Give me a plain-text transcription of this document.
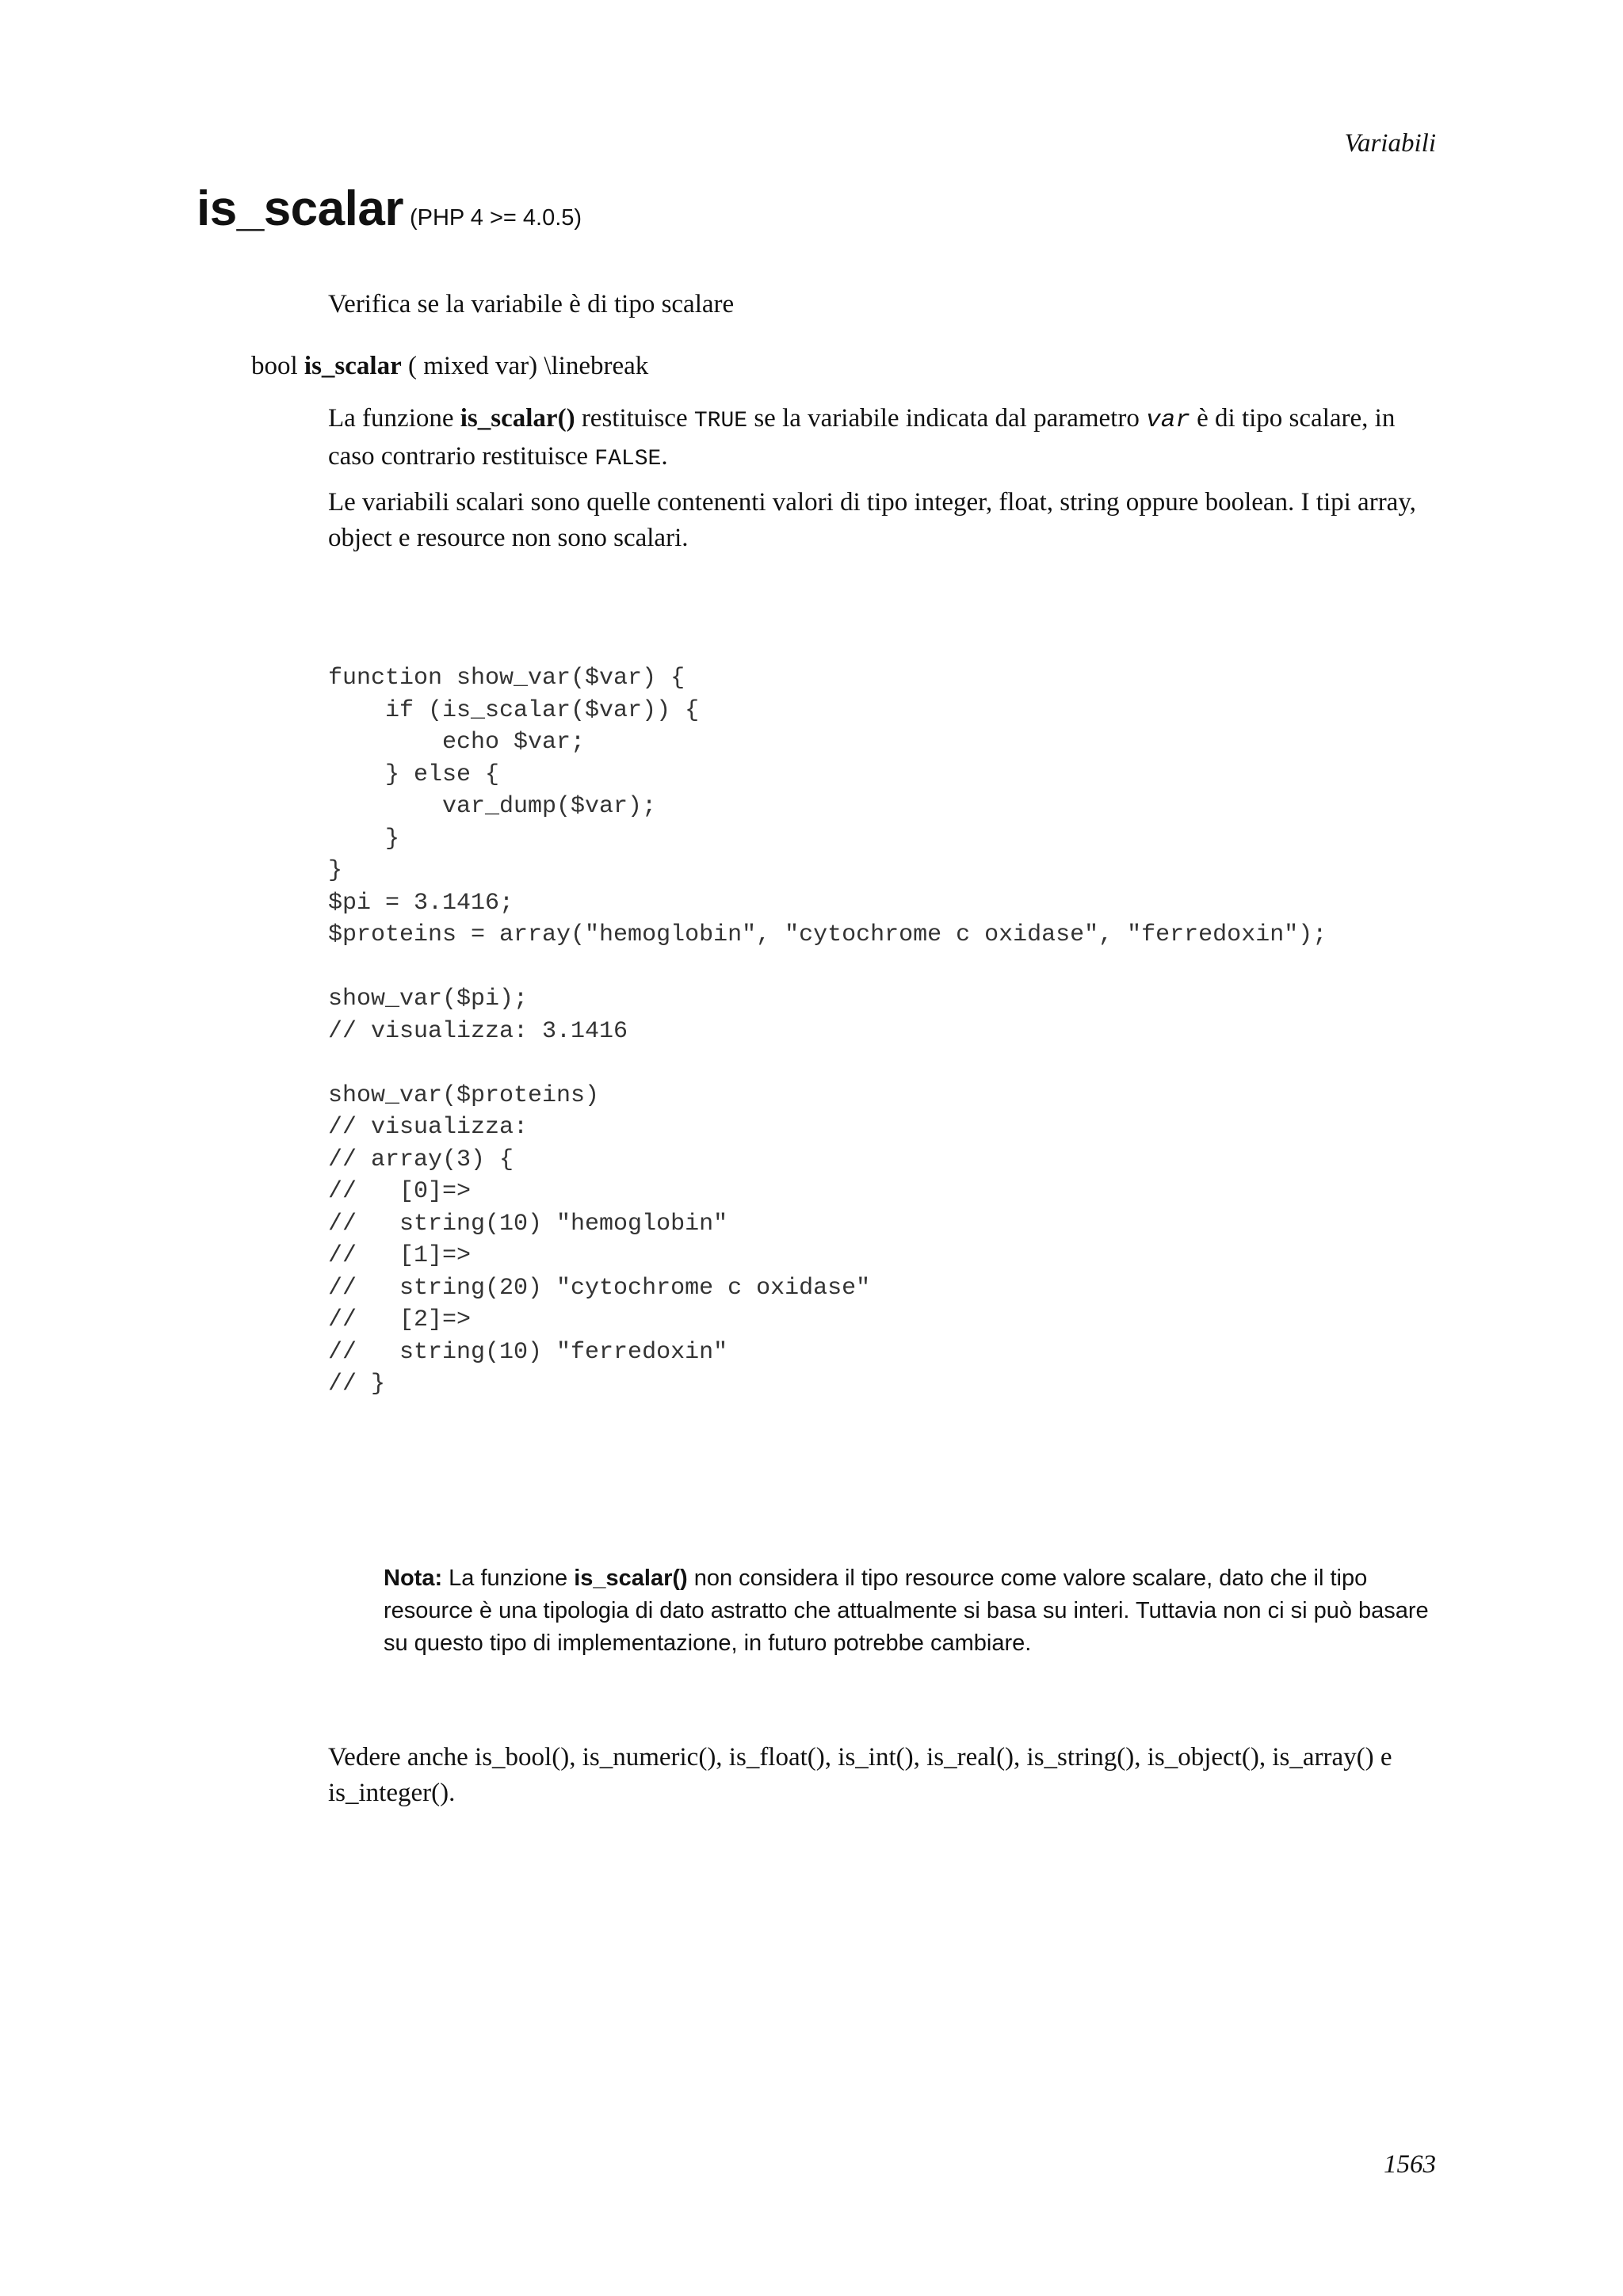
Variabili
is_scalar (PHP 4 >= 4.0.5)
Verifica se la variabile è di tipo scalare
bool is_scalar ( mixed var) \linebreak
La funzione is_scalar() restituisce TRUE se la variabile indicata dal parametro var è di tipo scalare, in caso contrario restituisce FALSE.
Le variabili scalari sono quelle contenenti valori di tipo integer, float, string oppure boolean. I tipi array, object e resource non sono scalari.
function show_var($var) {
if (is_scalar($var)) {
echo $var;
} else {
var_dump($var);
}
}
$pi = 3.1416;
$proteins = array("hemoglobin", "cytochrome c oxidase", "ferredoxin");

show_var($pi);
// visualizza: 3.1416

show_var($proteins)
// visualizza:
// array(3) {
//   [0]=>
//   string(10) "hemoglobin"
//   [1]=>
//   string(20) "cytochrome c oxidase"
//   [2]=>
//   string(10) "ferredoxin"
// }
Nota: La funzione is_scalar() non considera il tipo resource come valore scalare, dato che il tipo resource è una tipologia di dato astratto che attualmente si basa su interi. Tuttavia non ci si può basare su questo tipo di implementazione, in futuro potrebbe cambiare.
Vedere anche is_bool(), is_numeric(), is_float(), is_int(), is_real(), is_string(), is_object(), is_array() e is_integer().
1563
